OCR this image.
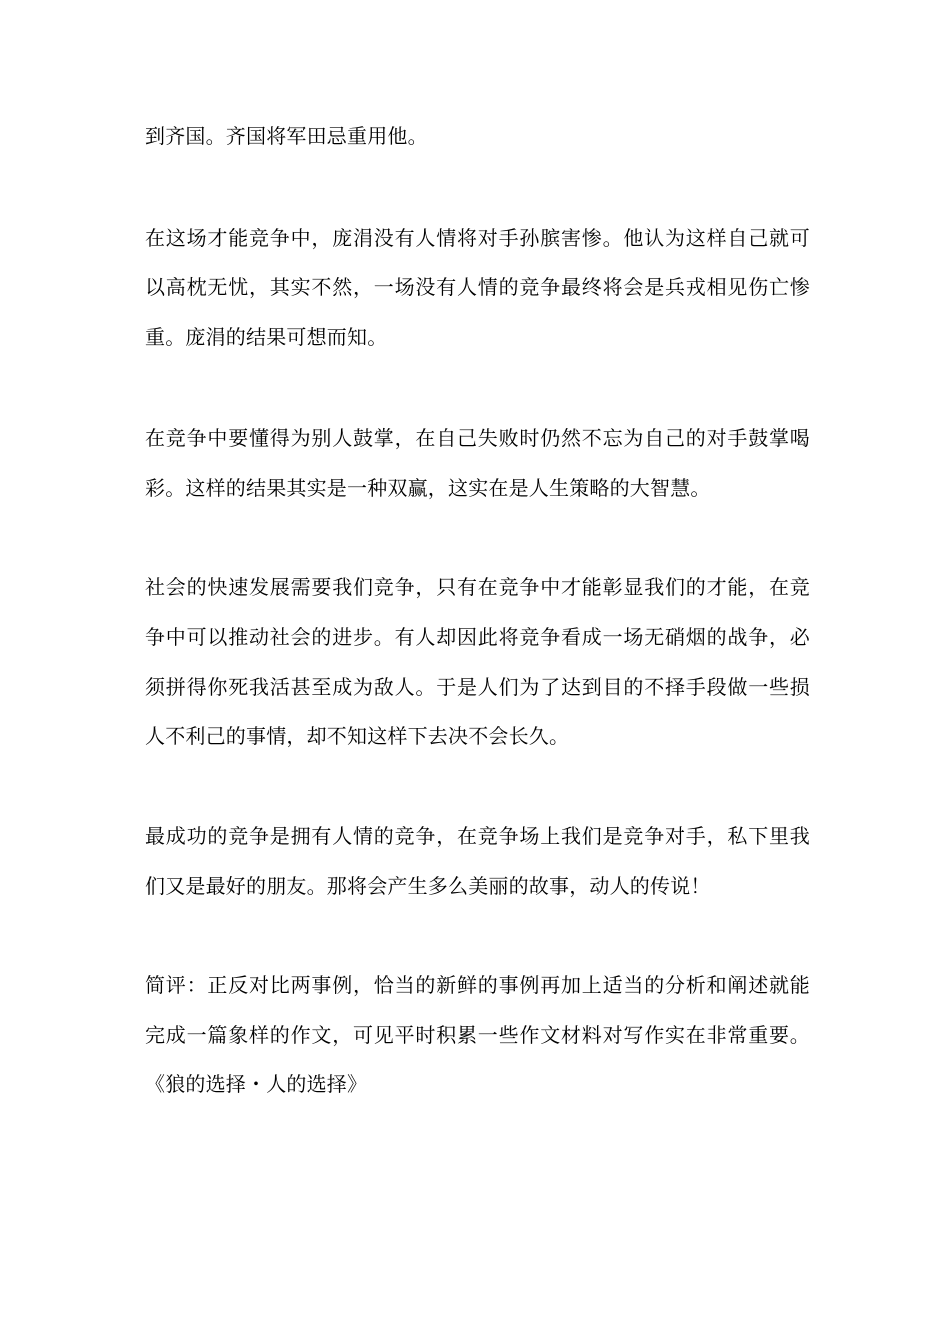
到齐国。齐国将军田忌重用他。
在这场才能竞争中，庞涓没有人情将对手孙膑害惨。他认为这样自己就可
以高枕无忧，其实不然，一场没有人情的竞争最终将会是兵戎相见伤亡惨
重。庞涓的结果可想而知。
在竞争中要懂得为别人鼓掌，在自己失败时仍然不忘为自己的对手鼓掌喝
彩。这样的结果其实是一种双赢，这实在是人生策略的大智慧。
社会的快速发展需要我们竞争，只有在竞争中才能彰显我们的才能，在竞
争中可以推动社会的进步。有人却因此将竞争看成一场无硝烟的战争，必
须拼得你死我活甚至成为敌人。于是人们为了达到目的不择手段做一些损
人不利己的事情，却不知这样下去决不会长久。
最成功的竞争是拥有人情的竞争，在竞争场上我们是竞争对手，私下里我
们又是最好的朋友。那将会产生多么美丽的故事，动人的传说！
简评：正反对比两事例，恰当的新鲜的事例再加上适当的分析和阐述就能
完成一篇象样的作文，可见平时积累一些作文材料对写作实在非常重要。
《狼的选择・人的选择》
